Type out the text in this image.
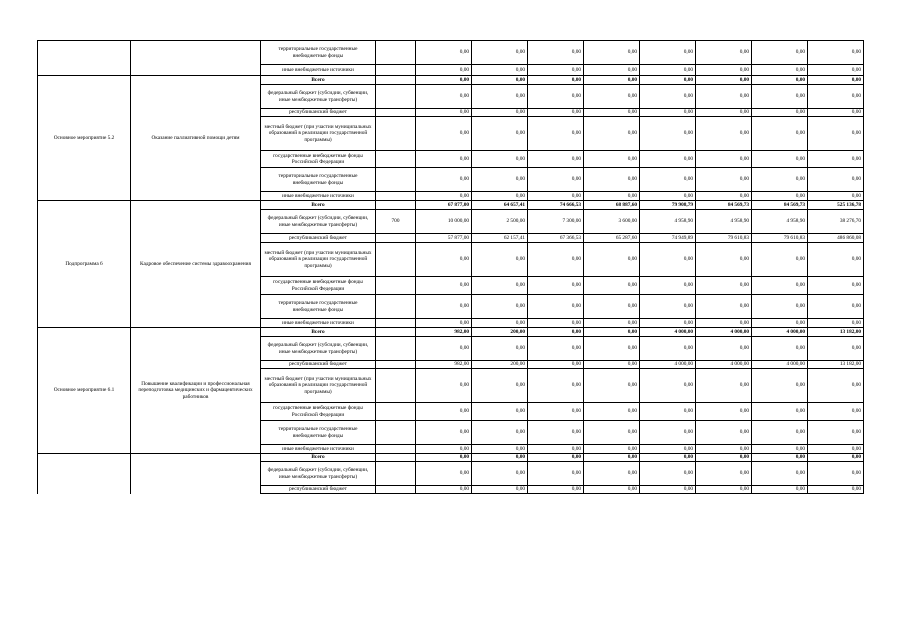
		территориальные государственные внебюджетные фонды		0,00	0,00	0,00	0,00	0,00	0,00	0,00	0,00
		иные внебюджетные источники		0,00	0,00	0,00	0,00	0,00	0,00	0,00	0,00
Основное мероприятие 5.2	Оказание паллиативной помощи детям	Всего		0,00	0,00	0,00	0,00	0,00	0,00	0,00	0,00
		федеральный бюджет (субсидии, субвенции, иные межбюджетные трансферты)		0,00	0,00	0,00	0,00	0,00	0,00	0,00	0,00
		республиканский бюджет		0,00	0,00	0,00	0,00	0,00	0,00	0,00	0,00
		местный бюджет (при участии муниципальных образований в реализации государственной программы)		0,00	0,00	0,00	0,00	0,00	0,00	0,00	0,00
		государственные внебюджетные фонды Российской Федерации		0,00	0,00	0,00	0,00	0,00	0,00	0,00	0,00
		территориальные государственные внебюджетные фонды		0,00	0,00	0,00	0,00	0,00	0,00	0,00	0,00
		иные внебюджетные источники		0,00	0,00	0,00	0,00	0,00	0,00	0,00	0,00
Подпрограмма 6	Кадровое обеспечение системы здравоохранения	Всего		67 877,00	64 657,41	74 666,53	68 887,60	79 908,79	84 569,73	84 569,73	525 136,78
		федеральный бюджет (субсидии, субвенции, иные межбюджетные трансферты)	700	10 000,00	2 500,00	7 300,00	3 600,00	4 958,90	4 958,90	4 958,90	38 276,70
		республиканский бюджет		57 877,00	62 157,41	67 366,53	65 287,60	74 949,89	79 610,83	79 610,83	486 860,08
		местный бюджет (при участии муниципальных образований в реализации государственной программы)		0,00	0,00	0,00	0,00	0,00	0,00	0,00	0,00
		государственные внебюджетные фонды Российской Федерации		0,00	0,00	0,00	0,00	0,00	0,00	0,00	0,00
		территориальные государственные внебюджетные фонды		0,00	0,00	0,00	0,00	0,00	0,00	0,00	0,00
		иные внебюджетные источники		0,00	0,00	0,00	0,00	0,00	0,00	0,00	0,00
Основное мероприятие 6.1	Повышение квалификации и профессиональная переподготовка медицинских и фармацевтических работников	Всего		982,00	200,00	0,00	0,00	4 000,00	4 000,00	4 000,00	13 182,00
		федеральный бюджет (субсидии, субвенции, иные межбюджетные трансферты)		0,00	0,00	0,00	0,00	0,00	0,00	0,00	0,00
		республиканский бюджет		982,00	200,00	0,00	0,00	4 000,00	4 000,00	4 000,00	13 182,00
		местный бюджет (при участии муниципальных образований в реализации государственной программы)		0,00	0,00	0,00	0,00	0,00	0,00	0,00	0,00
		государственные внебюджетные фонды Российской Федерации		0,00	0,00	0,00	0,00	0,00	0,00	0,00	0,00
		территориальные государственные внебюджетные фонды		0,00	0,00	0,00	0,00	0,00	0,00	0,00	0,00
		иные внебюджетные источники		0,00	0,00	0,00	0,00	0,00	0,00	0,00	0,00
		Всего		0,00	0,00	0,00	0,00	0,00	0,00	0,00	0,00
		федеральный бюджет (субсидии, субвенции, иные межбюджетные трансферты)		0,00	0,00	0,00	0,00	0,00	0,00	0,00	0,00
		республиканский бюджет		0,00	0,00	0,00	0,00	0,00	0,00	0,00	0,00
